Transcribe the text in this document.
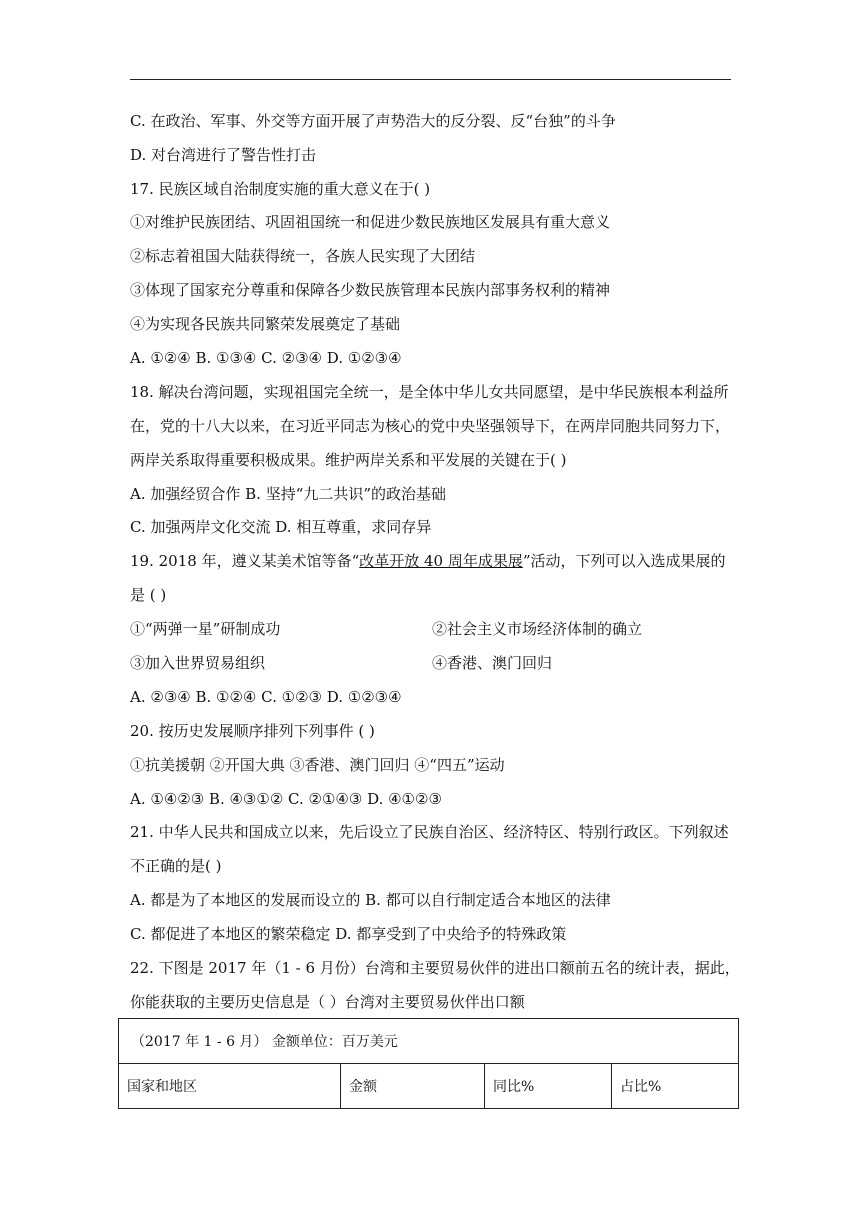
C. 在政治、军事、外交等方面开展了声势浩大的反分裂、反“台独”的斗争
D. 对台湾进行了警告性打击
17. 民族区域自治制度实施的重大意义在于( )
①对维护民族团结、巩固祖国统一和促进少数民族地区发展具有重大意义
②标志着祖国大陆获得统一，各族人民实现了大团结
③体现了国家充分尊重和保障各少数民族管理本民族内部事务权利的精神
④为实现各民族共同繁荣发展奠定了基础
A. ①②④ B. ①③④ C. ②③④ D. ①②③④
18. 解决台湾问题，实现祖国完全统一，是全体中华儿女共同愿望，是中华民族根本利益所
在，党的十八大以来，在习近平同志为核心的党中央坚强领导下，在两岸同胞共同努力下，
两岸关系取得重要积极成果。维护两岸关系和平发展的关键在于( )
A. 加强经贸合作 B. 坚持“九二共识”的政治基础
C. 加强两岸文化交流 D. 相互尊重，求同存异
19. 2018 年，遵义某美术馆等备“改革开放 40 周年成果展”活动，下列可以入选成果展的
是 ( )
①“两弹一星”研制成功	②社会主义市场经济体制的确立
③加入世界贸易组织	④香港、澳门回归
A. ②③④ B. ①②④ C. ①②③ D. ①②③④
20. 按历史发展顺序排列下列事件 ( )
①抗美援朝 ②开国大典 ③香港、澳门回归 ④“四五”运动
A. ①④②③ B. ④③①② C. ②①④③ D. ④①②③
21. 中华人民共和国成立以来，先后设立了民族自治区、经济特区、特别行政区。下列叙述
不正确的是( )
A. 都是为了本地区的发展而设立的 B. 都可以自行制定适合本地区的法律
C. 都促进了本地区的繁荣稳定 D. 都享受到了中央给予的特殊政策
22. 下图是 2017 年（1 - 6 月份）台湾和主要贸易伙伴的进出口额前五名的统计表，据此，
你能获取的主要历史信息是（ ）台湾对主要贸易伙伴出口额
（2017 年 1 - 6 月） 金额单位：百万美元
国家和地区	金额	同比%	占比%
